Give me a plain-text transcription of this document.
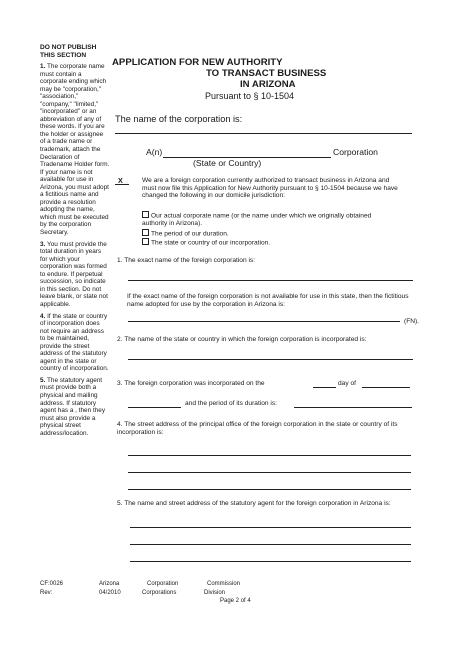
DO NOT PUBLISH THIS SECTION

1. The corporate name must contain a corporate ending which may be "corporation," "association," "company," "limited," "incorporated" or an abbreviation of any of these words. If you are the holder or assignee of a trade name or trademark, attach the Declaration of Tradename Holder form. If your name is not available for use in Arizona, you must adopt a fictitious name and provide a resolution adopting the name, which must be executed by the corporation Secretary.

3. You must provide the total duration in years for which your corporation was formed to endure. If perpetual succession, so indicate in this section. Do not leave blank, or state not applicable.

4. If the state or country of incorporation does not require an address to be maintained, provide the street address of the statutory agent in the state or country of incorporation.

5. The statutory agent must provide both a physical and mailing address. If statutory agent has a , then they must also provide a physical street address/location.

APPLICATION FOR NEW AUTHORITY
TO TRANSACT BUSINESS
IN ARIZONA
Pursuant to § 10-1504
The name of the corporation is:
A(n)	Corporation
(State or Country)
X	We are a foreign corporation currently authorized to transact business in Arizona and must now file this Application for New Authority pursuant to § 10-1504 because we have changed the following in our domicile jurisdiction:
Our actual corporate name (or the name under which we originally obtained authority in Arizona).
The period of our duration.
The state or country of our incorporation.
1. The exact name of the foreign corporation is:
If the exact name of the foreign corporation is not available for use in this state, then the fictitious name adopted for use by the corporation in Arizona is:
(FN).
2. The name of the state or country in which the foreign corporation is incorporated is:
3. The foreign corporation was incorporated on the	day of
and the period of its duration is:
4. The street address of the principal office of the foreign corporation in the state or country of its incorporation is:
5. The name and street address of the statutory agent for the foreign corporation in Arizona is:
CF:0026
Rev:	04/2010
Arizona	Corporation
Corporations
Commission
Division
Page 2 of 4
